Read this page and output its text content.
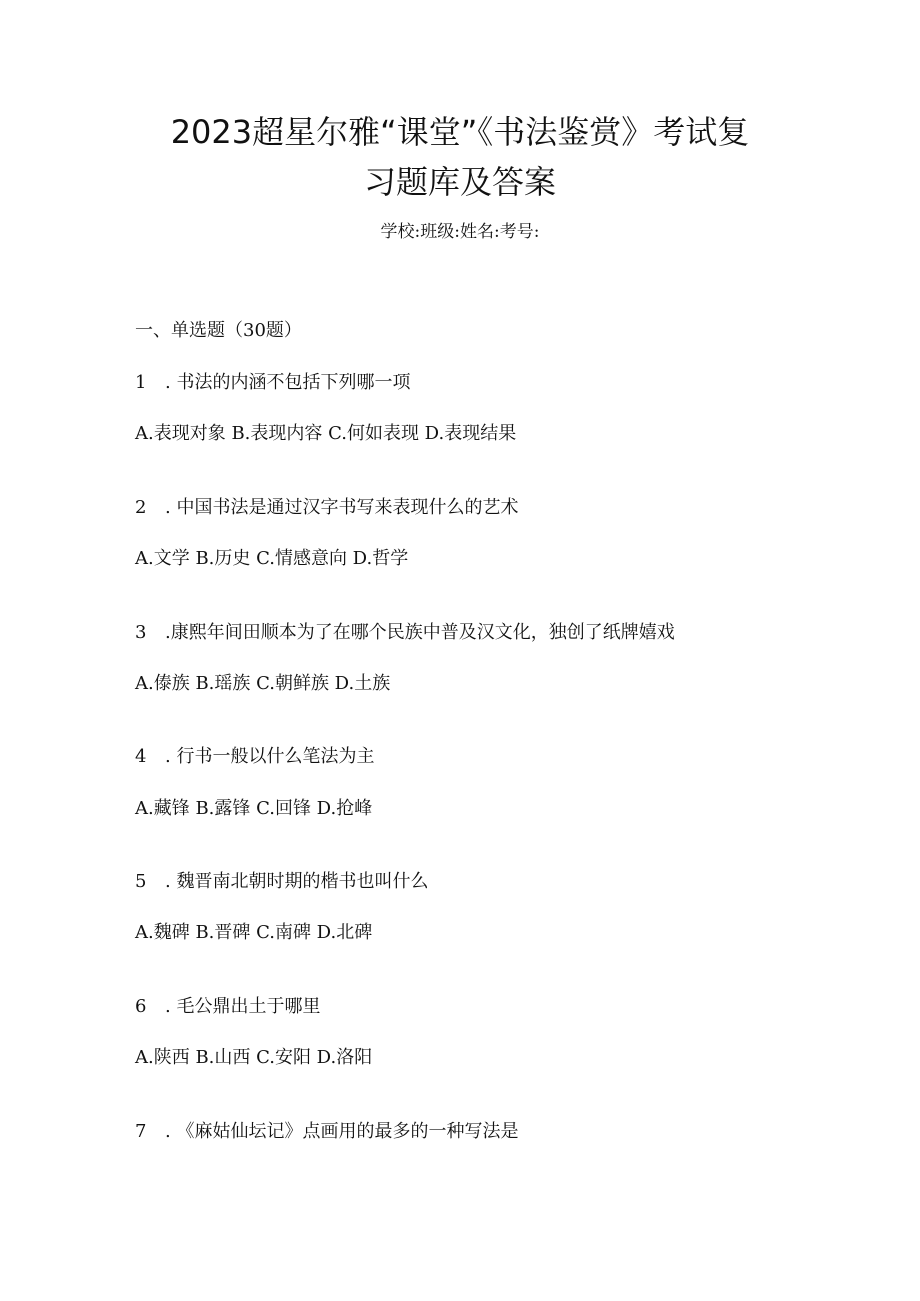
2023超星尔雅“课堂”《书法鉴赏》考试复
习题库及答案
学校:班级:姓名:考号:
一、单选题（30题）
1 . 书法的内涵不包括下列哪一项
A.表现对象 B.表现内容 C.何如表现 D.表现结果
2 . 中国书法是通过汉字书写来表现什么的艺术
A.文学 B.历史 C.情感意向 D.哲学
3 .康熙年间田顺本为了在哪个民族中普及汉文化，独创了纸牌嬉戏
A.傣族 B.瑶族 C.朝鲜族 D.土族
4 . 行书一般以什么笔法为主
A.藏锋 B.露锋 C.回锋 D.抢峰
5 . 魏晋南北朝时期的楷书也叫什么
A.魏碑 B.晋碑 C.南碑 D.北碑
6 . 毛公鼎出土于哪里
A.陕西 B.山西 C.安阳 D.洛阳
7 . 《麻姑仙坛记》点画用的最多的一种写法是
